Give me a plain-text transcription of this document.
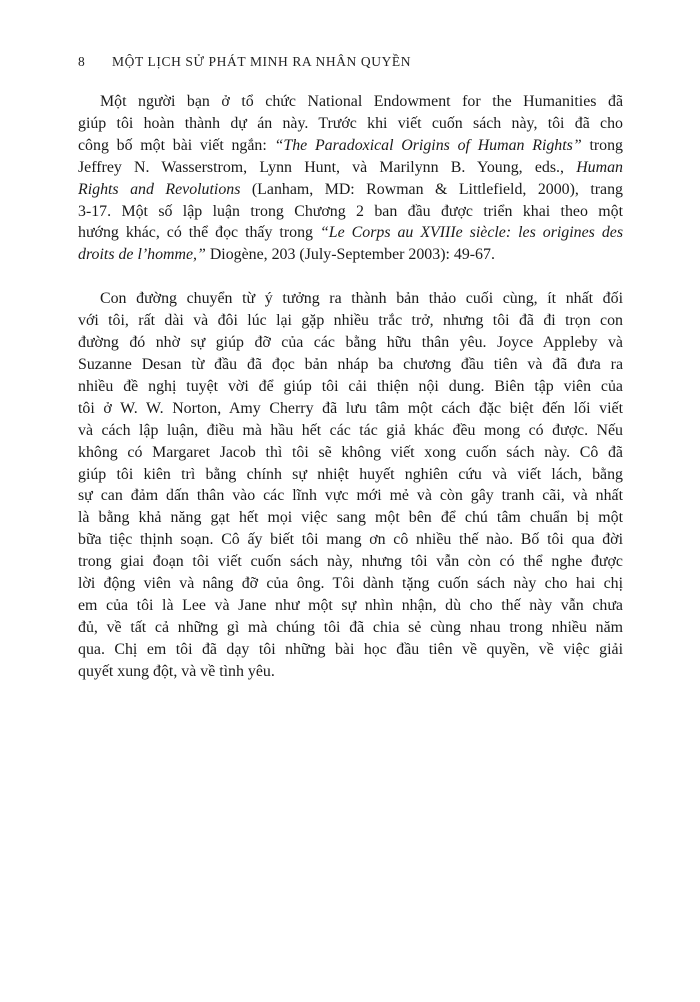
8 MỘT LỊCH SỬ PHÁT MINH RA NHÂN QUYỀN

Một người bạn ở tổ chức National Endowment for the Humanities đã
giúp tôi hoàn thành dự án này. Trước khi viết cuốn sách này, tôi đã cho
công bố một bài viết ngắn: “The Paradoxical Origins of Human Rights” trong
Jeffrey N. Wasserstrom, Lynn Hunt, và Marilynn B. Young, eds., Human
Rights and Revolutions (Lanham, MD: Rowman & Littlefield, 2000), trang
3-17. Một số lập luận trong Chương 2 ban đầu được triển khai theo một
hướng khác, có thể đọc thấy trong “Le Corps au XVIIIe siècle: les origines des
droits de l’homme,” Diogène, 203 (July-September 2003): 49-67.

Con đường chuyển từ ý tưởng ra thành bản thảo cuối cùng, ít nhất đối
với tôi, rất dài và đôi lúc lại gặp nhiều trắc trở, nhưng tôi đã đi trọn con
đường đó nhờ sự giúp đỡ của các bằng hữu thân yêu. Joyce Appleby và
Suzanne Desan từ đầu đã đọc bản nháp ba chương đầu tiên và đã đưa ra
nhiều đề nghị tuyệt vời để giúp tôi cải thiện nội dung. Biên tập viên của
tôi ở W. W. Norton, Amy Cherry đã lưu tâm một cách đặc biệt đến lối viết
và cách lập luận, điều mà hầu hết các tác giả khác đều mong có được. Nếu
không có Margaret Jacob thì tôi sẽ không viết xong cuốn sách này. Cô đã
giúp tôi kiên trì bằng chính sự nhiệt huyết nghiên cứu và viết lách, bằng
sự can đảm dấn thân vào các lĩnh vực mới mẻ và còn gây tranh cãi, và nhất
là bằng khả năng gạt hết mọi việc sang một bên để chú tâm chuẩn bị một
bữa tiệc thịnh soạn. Cô ấy biết tôi mang ơn cô nhiều thế nào. Bố tôi qua đời
trong giai đoạn tôi viết cuốn sách này, nhưng tôi vẫn còn có thể nghe được
lời động viên và nâng đỡ của ông. Tôi dành tặng cuốn sách này cho hai chị
em của tôi là Lee và Jane như một sự nhìn nhận, dù cho thế này vẫn chưa
đủ, về tất cả những gì mà chúng tôi đã chia sẻ cùng nhau trong nhiều năm
qua. Chị em tôi đã dạy tôi những bài học đầu tiên về quyền, về việc giải
quyết xung đột, và về tình yêu.
